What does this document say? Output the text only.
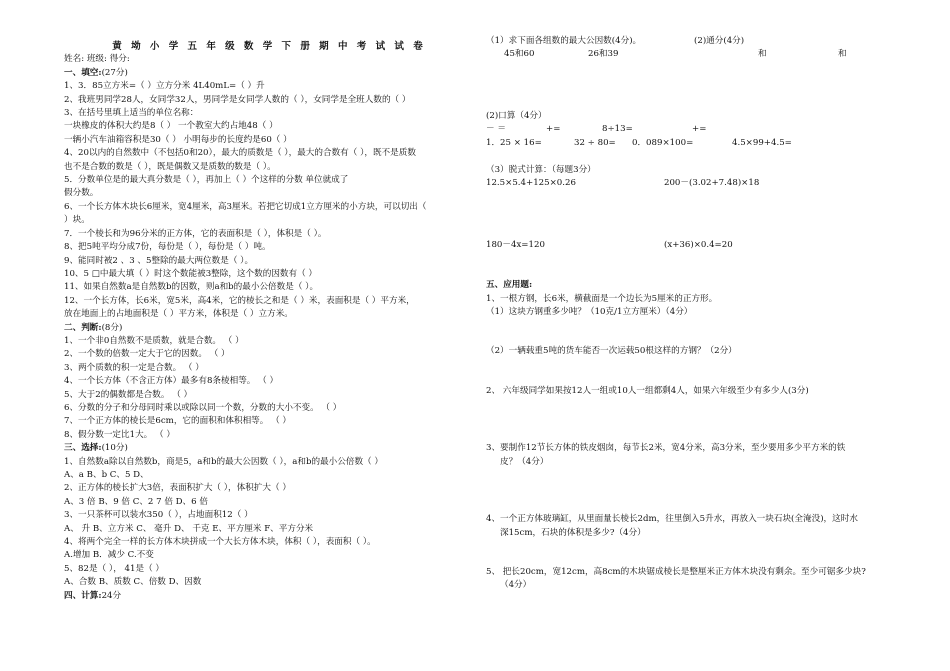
黄 坳 小 学 五 年 级 数 学 下 册 期 中 考 试 试 卷
姓名: 班级: 得分:
一、填空:(27分)
1、3．85立方米=（ ）立方分米 4L40mL=（ ）升
2、我班男同学28人，女同学32人，男同学是女同学人数的（ ），女同学是全班人数的（ ）
3、在括号里填上适当的单位名称：
一块橡皮的体积大约是8（ ） 一个教室大约占地48（ ）
一辆小汽车油箱容积是30（ ） 小明每步的长度约是60（ ）
4、20以内的自然数中（不包括0和20），最大的质数是（ ），最大的合数有（ ），既不是质数
也不是合数的数是（ ），既是偶数又是质数的数是（ ）。
5．分数单位是的最大真分数是（ ），再加上（ ）个这样的分数 单位就成了
假分数。
6、一个长方体木块长6厘米，宽4厘米，高3厘米。若把它切成1立方厘米的小方块，可以切出（
）块。
7．一个棱长和为96分米的正方体，它的表面积是（ ），体积是（ ）。
8、把5吨平均分成7份，每份是（ ），每份是（ ）吨。
9、能同时被2 、3 、5整除的最大两位数是（ ）。
10、5 □中最大填（ ）时这个数能被3整除，这个数的因数有（ ）
11、如果自然数a是自然数b的因数，则a和b的最小公倍数是（ ）。
12、一个长方体，长6米，宽5米，高4米，它的棱长之和是（ ）米，表面积是（ ）平方米，
放在地面上的占地面积是（ ）平方米，体积是（ ）立方米。
二、判断:(8分)
1、一个非0自然数不是质数，就是合数。 （ ）
2、一个数的倍数一定大于它的因数。 （ ）
3、两个质数的积一定是合数。 （ ）
4、一个长方体（不含正方体）最多有8条棱相等。 （ ）
5、大于2的偶数都是合数。 （ ）
6、分数的分子和分母同时乘以或除以同一个数，分数的大小不变。 （ ）
7、一个正方体的棱长是6cm，它的面积和体积相等。 （ ）
8、假分数一定比1大。 （ ）
三、选择:(10分)
1、自然数a除以自然数b，商是5，a和b的最大公因数（ ），a和b的最小公倍数（ ）
A、a B、b C、5 D、
2、正方体的棱长扩大3倍，表面积扩大（ ），体积扩大（ ）
A、3 倍 B、9 倍 C、2 7 倍 D、6 倍
3、一只茶杯可以装水350（ ），占地面积12（ ）
A、 升 B、立方米 C、 毫升 D、 千克 E、平方厘米 F、平方分米
4、将两个完全一样的长方体木块拼成一个大长方体木块，体积（ ），表面积（ ）。
A.增加 B．减少 C.不变
5、82是（ ）， 41是（ ）
A、合数 B、质数 C、倍数 D、因数
四、计算:24分
（1）求下面各组数的最大公因数(4分)。	(2)通分(4分)
45和60	26和39	和	和
(2)口算（4分）
－ ＝	+=	8÷13=	+=
1．25 × 16=	32 ÷ 80=	0．089×100=	4.5×99+4.5=
（3）脱式计算：（每题3分）
12.5×5.4+125×0.26	200－(3.02+7.48)×18
180－4x=120	(x+36)×0.4=20
五、应用题:
1、一根方钢，长6米，横截面是一个边长为5厘米的正方形。
（1）这块方钢重多少吨？（10克/1立方厘米）（4分）
（2）一辆载重5吨的货车能否一次运载50根这样的方钢？（2分）
2、 六年级同学如果按12人一组或10人一组都剩4人，如果六年级至少有多少人(3分)
3、要制作12节长方体的铁皮烟囱，每节长2米，宽4分米，高3分米，至少要用多少平方米的铁
皮？（4分）
4、一个正方体玻璃缸，从里面量长棱长2dm，往里倒入5升水，再放入一块石块(全淹没)，这时水
深15cm，石块的体积是多少?（4分）
5、 把长20cm，宽12cm，高8cm的木块锯成棱长是整厘米正方体木块没有剩余。至少可锯多少块?
（4分）
